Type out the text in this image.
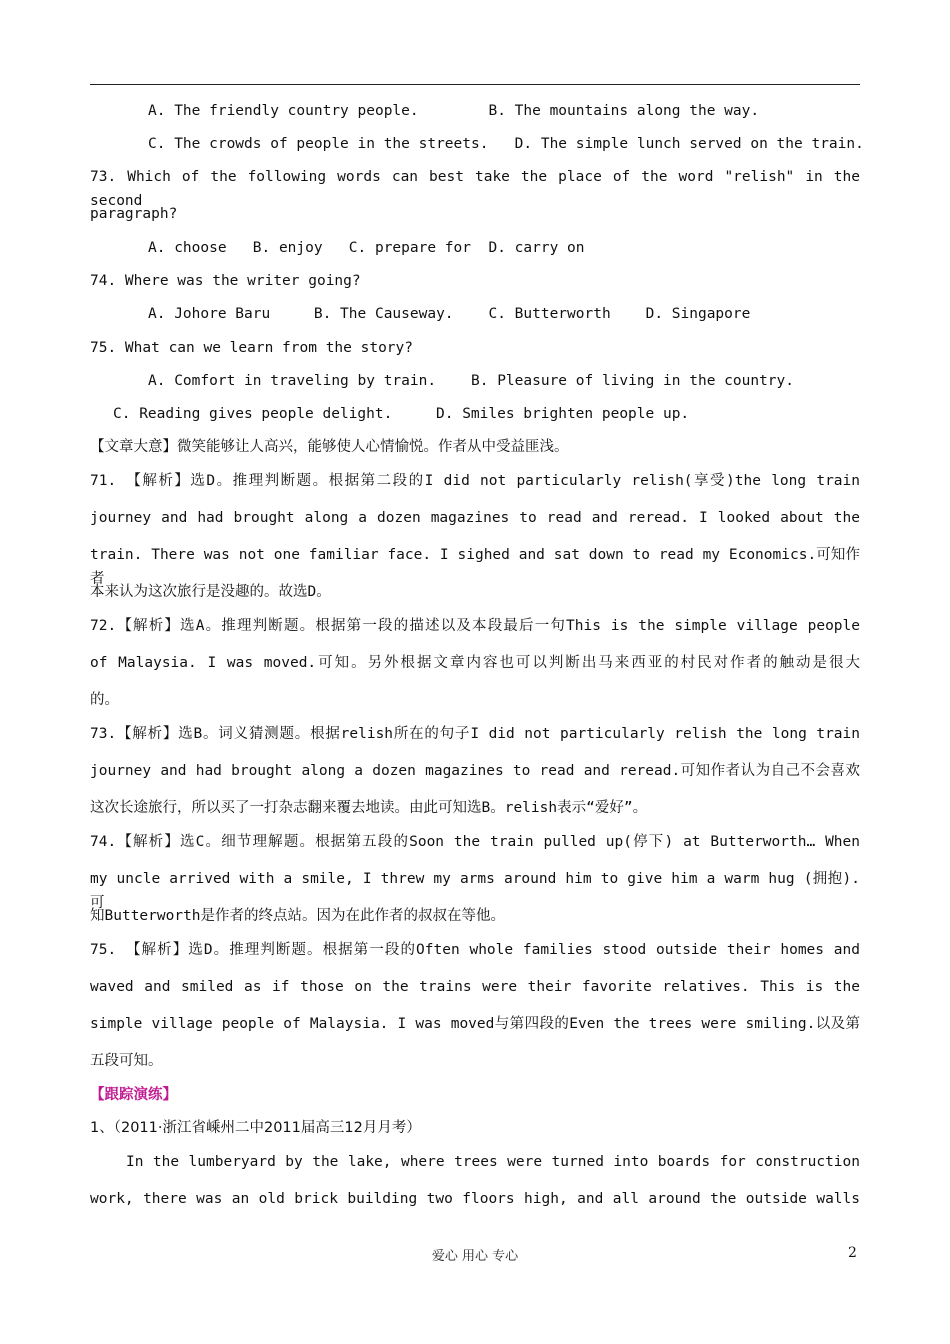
A. The friendly country people.        B. The mountains along the way.
C. The crowds of people in the streets.   D. The simple lunch served on the train.
73. Which of the following words can best take the place of the word "relish" in the second
paragraph?
A. choose   B. enjoy   C. prepare for  D. carry on
74. Where was the writer going?
A. Johore Baru     B. The Causeway.    C. Butterworth    D. Singapore
75. What can we learn from the story?
A. Comfort in traveling by train.    B. Pleasure of living in the country.
C. Reading gives people delight.     D. Smiles brighten people up.
【文章大意】微笑能够让人高兴，能够使人心情愉悦。作者从中受益匪浅。
71. 【解析】选D。推理判断题。根据第二段的I did not particularly relish(享受)the long train
journey and had brought along a dozen magazines to read and reread. I looked about the
train. There was not one familiar face. I sighed and sat down to read my Economics.可知作者
本来认为这次旅行是没趣的。故选D。
72.【解析】选A。推理判断题。根据第一段的描述以及本段最后一句This is the simple village people
of Malaysia. I was moved.可知。另外根据文章内容也可以判断出马来西亚的村民对作者的触动是很大
的。
73.【解析】选B。词义猜测题。根据relish所在的句子I did not particularly relish the long train
journey and had brought along a dozen magazines to read and reread.可知作者认为自己不会喜欢
这次长途旅行，所以买了一打杂志翻来覆去地读。由此可知选B。relish表示“爱好”。
74.【解析】选C。细节理解题。根据第五段的Soon the train pulled up(停下) at Butterworth… When
my uncle arrived with a smile, I threw my arms around him to give him a warm hug (拥抱).可
知Butterworth是作者的终点站。因为在此作者的叔叔在等他。
75. 【解析】选D。推理判断题。根据第一段的Often whole families stood outside their homes and
waved and smiled as if those on the trains were their favorite relatives. This is the
simple village people of Malaysia. I was moved与第四段的Even the trees were smiling.以及第
五段可知。
【跟踪演练】
1、（2011·浙江省嵊州二中2011届高三12月月考）
In the lumberyard by the lake, where trees were turned into boards for construction
work, there was an old brick building two floors high, and all around the outside walls
爱心 用心 专心	2
